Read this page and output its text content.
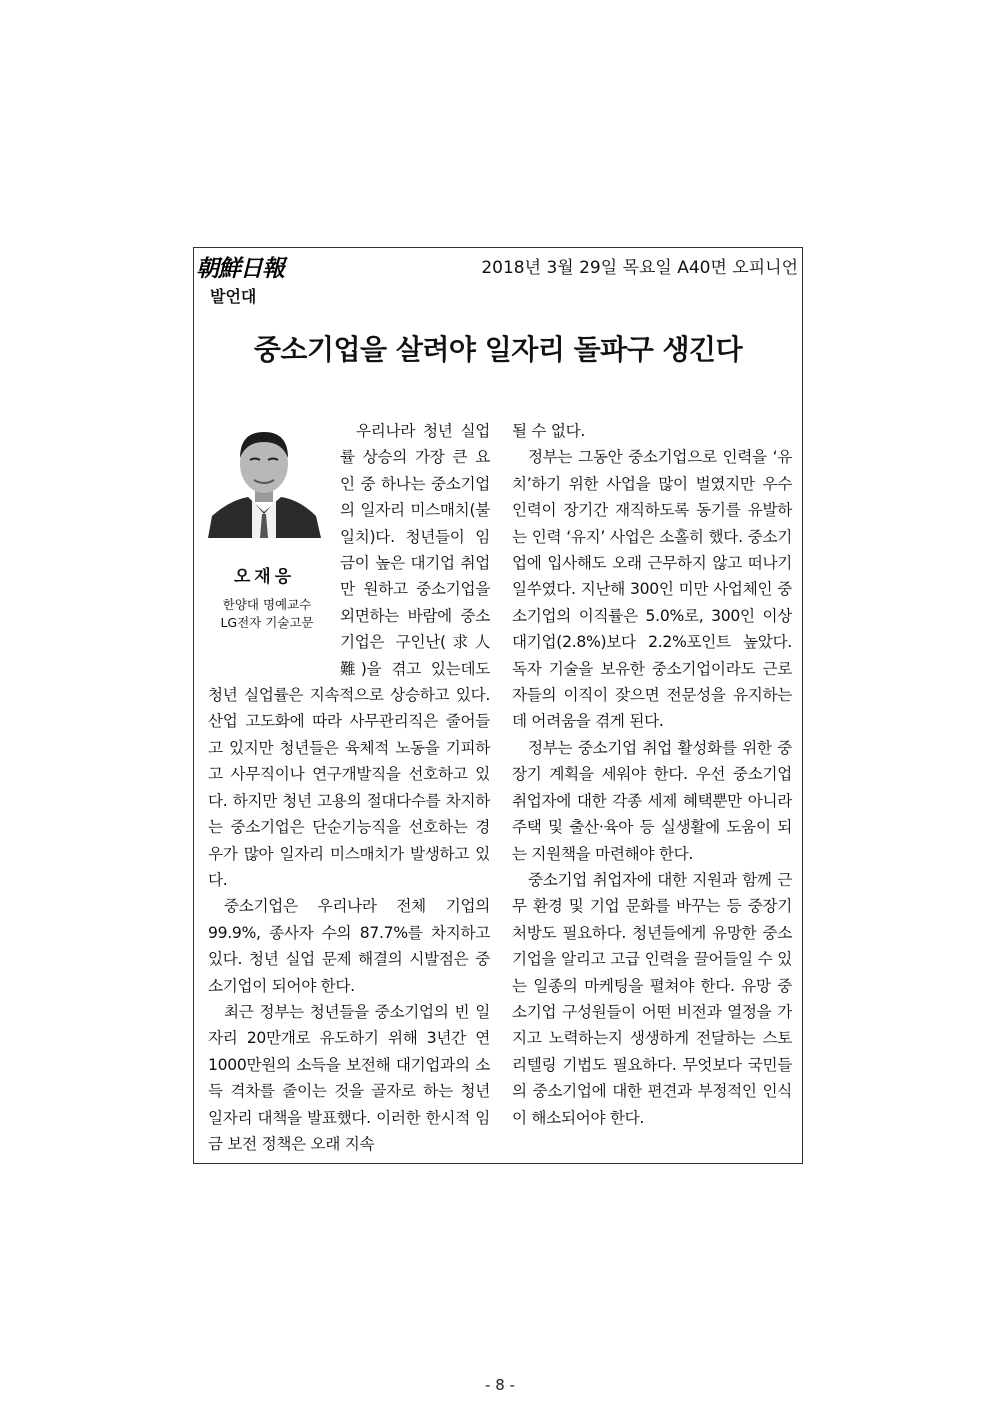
朝鮮日報	2018년 3월 29일 목요일 A40면 오피니언
발언대
중소기업을 살려야 일자리 돌파구 생긴다
오재응
한양대 명예교수
LG전자 기술고문

우리나라 청년 실업률 상승의 가장 큰 요인 중 하나는 중소기업의 일자리 미스매치(불일치)다. 청년들이 임금이 높은 대기업 취업만 원하고 중소기업을 외면하는 바람에 중소기업은 구인난(求人難)을 겪고 있는데도 청년 실업률은 지속적으로 상승하고 있다. 산업 고도화에 따라 사무관리직은 줄어들고 있지만 청년들은 육체적 노동을 기피하고 사무직이나 연구개발직을 선호하고 있다. 하지만 청년 고용의 절대다수를 차지하는 중소기업은 단순기능직을 선호하는 경우가 많아 일자리 미스매치가 발생하고 있다.

중소기업은 우리나라 전체 기업의 99.9%, 종사자 수의 87.7%를 차지하고 있다. 청년 실업 문제 해결의 시발점은 중소기업이 되어야 한다.

최근 정부는 청년들을 중소기업의 빈 일자리 20만개로 유도하기 위해 3년간 연 1000만원의 소득을 보전해 대기업과의 소득 격차를 줄이는 것을 골자로 하는 청년 일자리 대책을 발표했다. 이러한 한시적 임금 보전 정책은 오래 지속

될 수 없다.

정부는 그동안 중소기업으로 인력을 ‘유치’하기 위한 사업을 많이 벌였지만 우수 인력이 장기간 재직하도록 동기를 유발하는 인력 ‘유지’ 사업은 소홀히 했다. 중소기업에 입사해도 오래 근무하지 않고 떠나기 일쑤였다. 지난해 300인 미만 사업체인 중소기업의 이직률은 5.0%로, 300인 이상 대기업(2.8%)보다 2.2%포인트 높았다. 독자 기술을 보유한 중소기업이라도 근로자들의 이직이 잦으면 전문성을 유지하는 데 어려움을 겪게 된다.

정부는 중소기업 취업 활성화를 위한 중장기 계획을 세워야 한다. 우선 중소기업 취업자에 대한 각종 세제 혜택뿐만 아니라 주택 및 출산·육아 등 실생활에 도움이 되는 지원책을 마련해야 한다.

중소기업 취업자에 대한 지원과 함께 근무 환경 및 기업 문화를 바꾸는 등 중장기 처방도 필요하다. 청년들에게 유망한 중소기업을 알리고 고급 인력을 끌어들일 수 있는 일종의 마케팅을 펼쳐야 한다. 유망 중소기업 구성원들이 어떤 비전과 열정을 가지고 노력하는지 생생하게 전달하는 스토리텔링 기법도 필요하다. 무엇보다 국민들의 중소기업에 대한 편견과 부정적인 인식이 해소되어야 한다.

- 8 -
